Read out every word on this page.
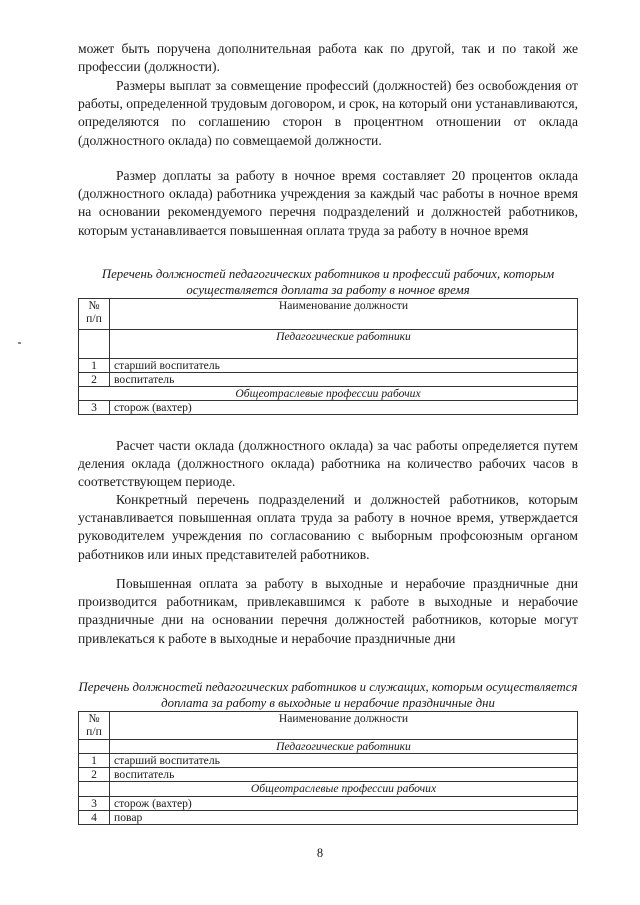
может быть поручена дополнительная работа как по другой, так и по такой же профессии (должности).

Размеры выплат за совмещение профессий (должностей) без освобождения от работы, определенной трудовым договором, и срок, на который они устанавливаются, определяются по соглашению сторон в процентном отношении от оклада (должностного оклада) по совмещаемой должности.

Размер доплаты за работу в ночное время составляет 20 процентов оклада (должностного оклада) работника учреждения за каждый час работы в ночное время на основании рекомендуемого перечня подразделений и должностей работников, которым устанавливается повышенная оплата труда за работу в ночное время

Перечень должностей педагогических работников и профессий рабочих, которым осуществляется доплата за работу в ночное время

№ п/п	Наименование должности
	Педагогические работники
1	старший воспитатель
2	воспитатель
Общеотраслевые профессии рабочих	
3	сторож (вахтер)

Расчет части оклада (должностного оклада) за час работы определяется путем деления оклада (должностного оклада) работника на количество рабочих часов в соответствующем периоде.

Конкретный перечень подразделений и должностей работников, которым устанавливается повышенная оплата труда за работу в ночное время, утверждается руководителем учреждения по согласованию с выборным профсоюзным органом работников или иных представителей работников.

Повышенная оплата за работу в выходные и нерабочие праздничные дни производится работникам, привлекавшимся к работе в выходные и нерабочие праздничные дни на основании перечня должностей работников, которые могут привлекаться к работе в выходные и нерабочие праздничные дни

Перечень должностей педагогических работников и служащих, которым осуществляется доплата за работу в выходные и нерабочие праздничные дни

№ п/п	Наименование должности
	Педагогические работники
1	старший воспитатель
2	воспитатель
	Общеотраслевые профессии рабочих
3	сторож (вахтер)
4	повар
8
